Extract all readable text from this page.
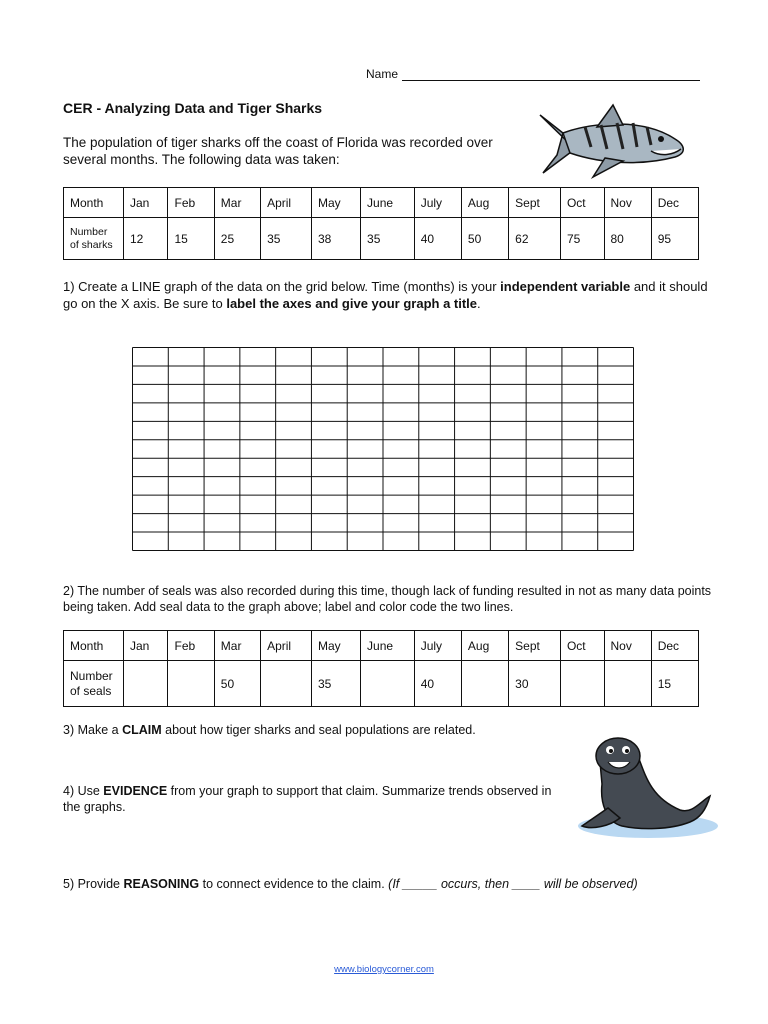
Name
CER - Analyzing Data and Tiger Sharks
The population of tiger sharks off the coast of Florida was recorded over several months. The following data was taken:
Month	Jan	Feb	Mar	April	May	June	July	Aug	Sept	Oct	Nov	Dec
Number of sharks	12	15	25	35	38	35	40	50	62	75	80	95
1) Create a LINE graph of the data on the grid below. Time (months) is your independent variable and it should go on the X axis. Be sure to label the axes and give your graph a title.
2) The number of seals was also recorded during this time, though lack of funding resulted in not as many data points being taken. Add seal data to the graph above; label and color code the two lines.
Month	Jan	Feb	Mar	April	May	June	July	Aug	Sept	Oct	Nov	Dec
Number of seals			50		35		40		30			15
3) Make a CLAIM about how tiger sharks and seal populations are related.
4) Use EVIDENCE from your graph to support that claim. Summarize trends observed in the graphs.
5) Provide REASONING to connect evidence to the claim. (If _____ occurs, then ____ will be observed)
www.biologycorner.com
